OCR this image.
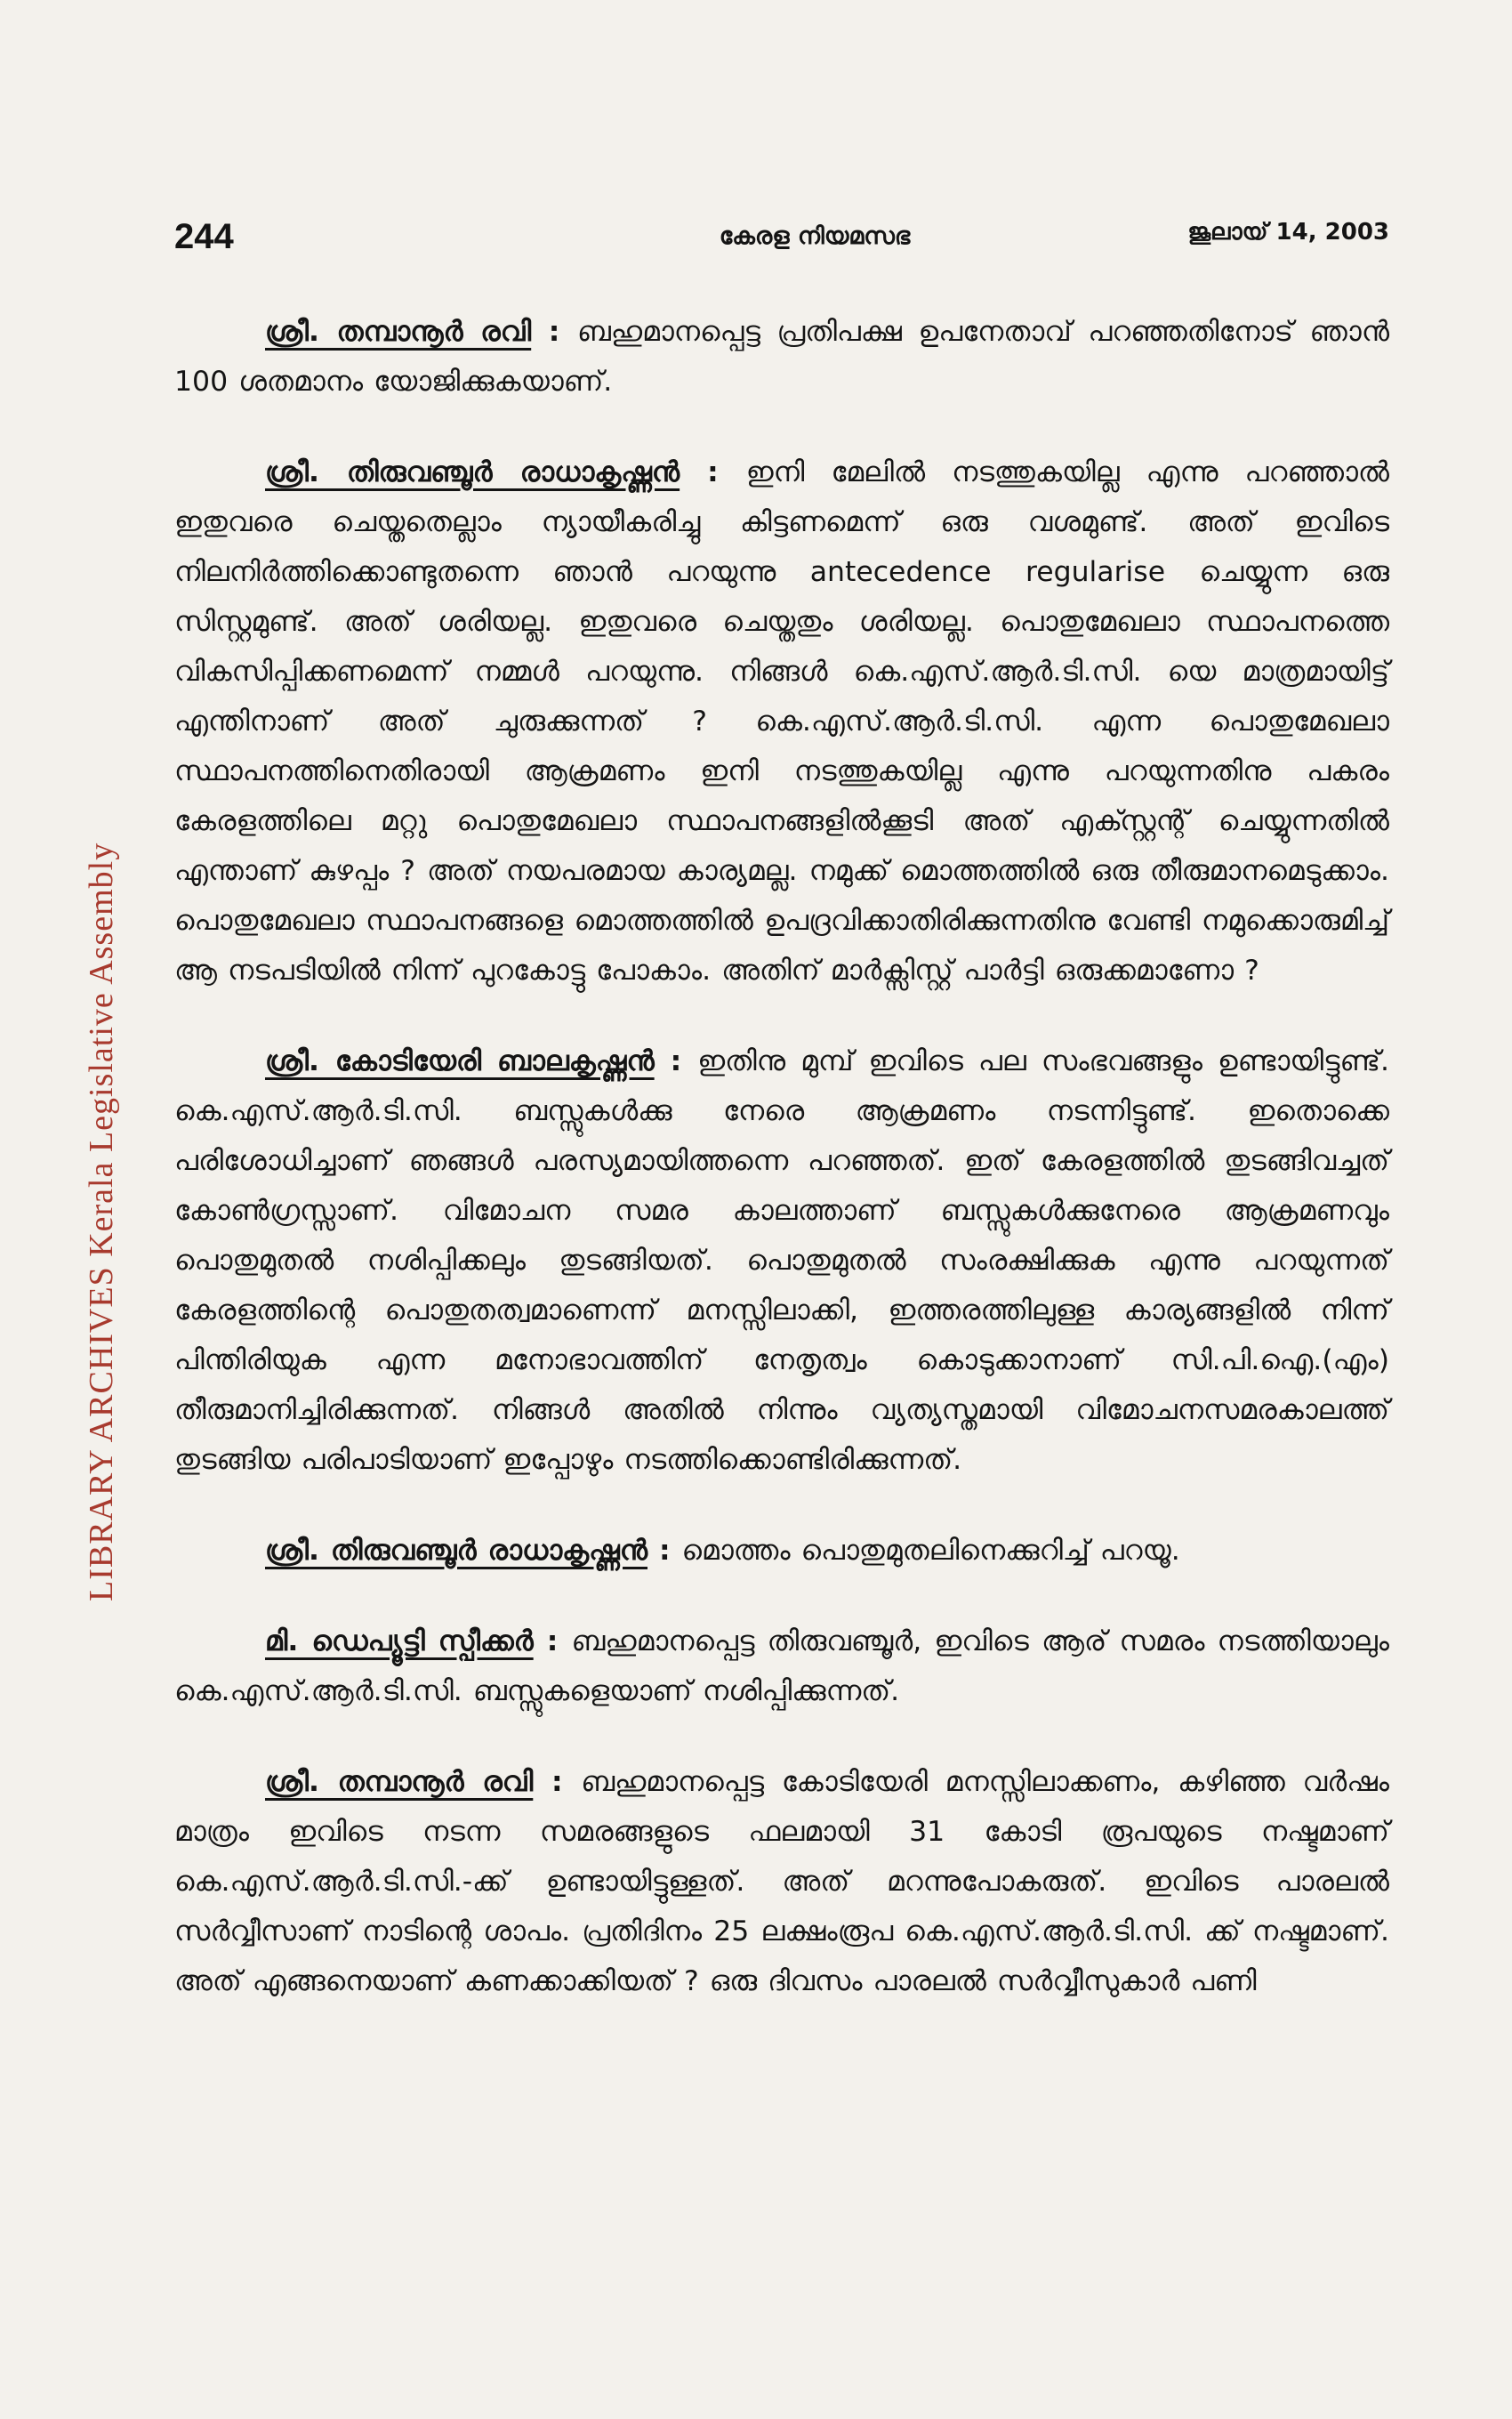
LIBRARY ARCHIVES Kerala Legislative Assembly
244	കേരള നിയമസഭ	ജൂലായ് 14, 2003

ശ്രീ. തമ്പാനൂർ രവി : ബഹുമാനപ്പെട്ട പ്രതിപക്ഷ ഉപനേതാവ് പറഞ്ഞതിനോട് ഞാൻ 100 ശതമാനം യോജിക്കുകയാണ്.

ശ്രീ. തിരുവഞ്ചൂർ രാധാകൃഷ്ണൻ : ഇനി മേലിൽ നടത്തുകയില്ല എന്നു പറഞ്ഞാൽ ഇതുവരെ ചെയ്തതെല്ലാം ന്യായീകരിച്ചു കിട്ടണമെന്ന് ഒരു വശമുണ്ട്. അത് ഇവിടെ നിലനിർത്തിക്കൊണ്ടുതന്നെ ഞാൻ പറയുന്നു antecedence regularise ചെയ്യുന്ന ഒരു സിസ്റ്റമുണ്ട്. അത് ശരിയല്ല. ഇതുവരെ ചെയ്തതും ശരിയല്ല. പൊതുമേഖലാ സ്ഥാപനത്തെ വികസിപ്പിക്കണമെന്ന് നമ്മൾ പറയുന്നു. നിങ്ങൾ കെ.എസ്.ആർ.ടി.സി. യെ മാത്രമായിട്ട് എന്തിനാണ് അത് ചുരുക്കുന്നത് ? കെ.എസ്.ആർ.ടി.സി. എന്ന പൊതുമേഖലാ സ്ഥാപനത്തിനെതിരായി ആക്രമണം ഇനി നടത്തുകയില്ല എന്നു പറയുന്നതിനു പകരം കേരളത്തിലെ മറ്റു പൊതുമേഖലാ സ്ഥാപനങ്ങളിൽക്കൂടി അത് എക്സ്റ്റന്റ് ചെയ്യുന്നതിൽ എന്താണ് കുഴപ്പം ? അത് നയപരമായ കാര്യമല്ല. നമുക്ക് മൊത്തത്തിൽ ഒരു തീരുമാനമെടുക്കാം. പൊതുമേഖലാ സ്ഥാപനങ്ങളെ മൊത്തത്തിൽ ഉപദ്രവിക്കാതിരിക്കുന്നതിനു വേണ്ടി നമുക്കൊരുമിച്ച് ആ നടപടിയിൽ നിന്ന് പുറകോട്ടു പോകാം. അതിന് മാർക്സിസ്റ്റ് പാർട്ടി ഒരുക്കമാണോ ?

ശ്രീ. കോടിയേരി ബാലകൃഷ്ണൻ : ഇതിനു മുമ്പ് ഇവിടെ പല സംഭവങ്ങളും ഉണ്ടായിട്ടുണ്ട്. കെ.എസ്.ആർ.ടി.സി. ബസ്സുകൾക്കു നേരെ ആക്രമണം നടന്നിട്ടുണ്ട്. ഇതൊക്കെ പരിശോധിച്ചാണ് ഞങ്ങൾ പരസ്യമായിത്തന്നെ പറഞ്ഞത്. ഇത് കേരളത്തിൽ തുടങ്ങിവച്ചത് കോൺഗ്രസ്സാണ്. വിമോചന സമര കാലത്താണ് ബസ്സുകൾക്കുനേരെ ആക്രമണവും പൊതുമുതൽ നശിപ്പിക്കലും തുടങ്ങിയത്. പൊതുമുതൽ സംരക്ഷിക്കുക എന്നു പറയുന്നത് കേരളത്തിന്റെ പൊതുതത്വമാണെന്ന് മനസ്സിലാക്കി, ഇത്തരത്തിലുള്ള കാര്യങ്ങളിൽ നിന്ന് പിന്തിരിയുക എന്ന മനോഭാവത്തിന് നേതൃത്വം കൊടുക്കാനാണ് സി.പി.ഐ.(എം) തീരുമാനിച്ചിരിക്കുന്നത്. നിങ്ങൾ അതിൽ നിന്നും വ്യത്യസ്തമായി വിമോചനസമരകാലത്ത് തുടങ്ങിയ പരിപാടിയാണ് ഇപ്പോഴും നടത്തിക്കൊണ്ടിരിക്കുന്നത്.

ശ്രീ. തിരുവഞ്ചൂർ രാധാകൃഷ്ണൻ : മൊത്തം പൊതുമുതലിനെക്കുറിച്ച് പറയൂ.

മി. ഡെപ്യൂട്ടി സ്പീക്കർ : ബഹുമാനപ്പെട്ട തിരുവഞ്ചൂർ, ഇവിടെ ആര് സമരം നടത്തിയാലും കെ.എസ്.ആർ.ടി.സി. ബസ്സുകളെയാണ് നശിപ്പിക്കുന്നത്.

ശ്രീ. തമ്പാനൂർ രവി : ബഹുമാനപ്പെട്ട കോടിയേരി മനസ്സിലാക്കണം, കഴിഞ്ഞ വർഷം മാത്രം ഇവിടെ നടന്ന സമരങ്ങളുടെ ഫലമായി 31 കോടി രൂപയുടെ നഷ്ടമാണ് കെ.എസ്.ആർ.ടി.സി.-ക്ക് ഉണ്ടായിട്ടുള്ളത്. അത് മറന്നുപോകരുത്. ഇവിടെ പാരലൽ സർവ്വീസാണ് നാടിന്റെ ശാപം. പ്രതിദിനം 25 ലക്ഷംരൂപ കെ.എസ്.ആർ.ടി.സി. ക്ക് നഷ്ടമാണ്. അത് എങ്ങനെയാണ് കണക്കാക്കിയത് ? ഒരു ദിവസം പാരലൽ സർവ്വീസുകാർ പണി
